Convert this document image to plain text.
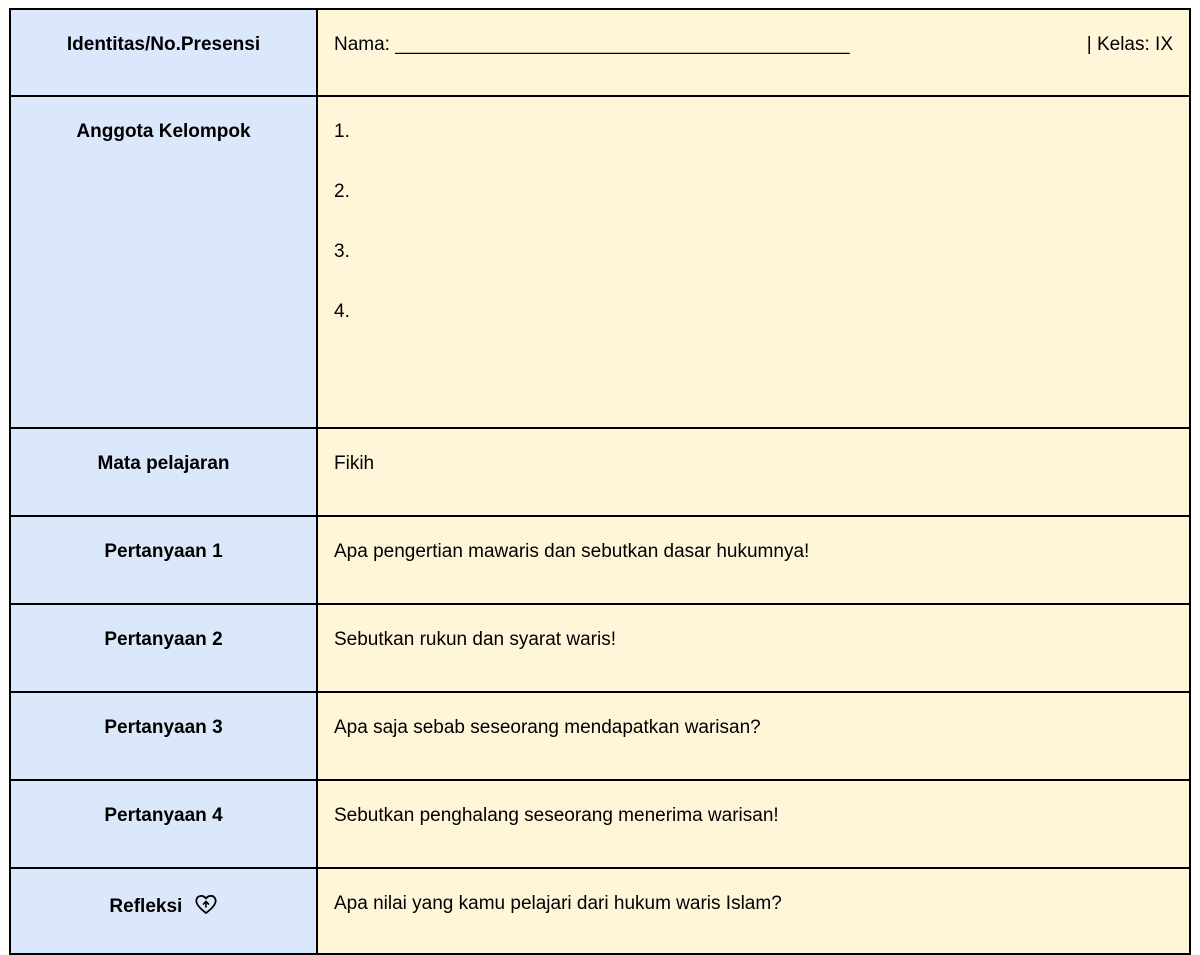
Identitas/No.Presensi	Nama: ___________________________________________ | Kelas: IX

Anggota Kelompok	1.
2.
3.
4.

Mata pelajaran	Fikih

Pertanyaan 1	Apa pengertian mawaris dan sebutkan dasar hukumnya!

Pertanyaan 2	Sebutkan rukun dan syarat waris!

Pertanyaan 3	Apa saja sebab seseorang mendapatkan warisan?

Pertanyaan 4	Sebutkan penghalang seseorang menerima warisan!

Refleksi	Apa nilai yang kamu pelajari dari hukum waris Islam?
